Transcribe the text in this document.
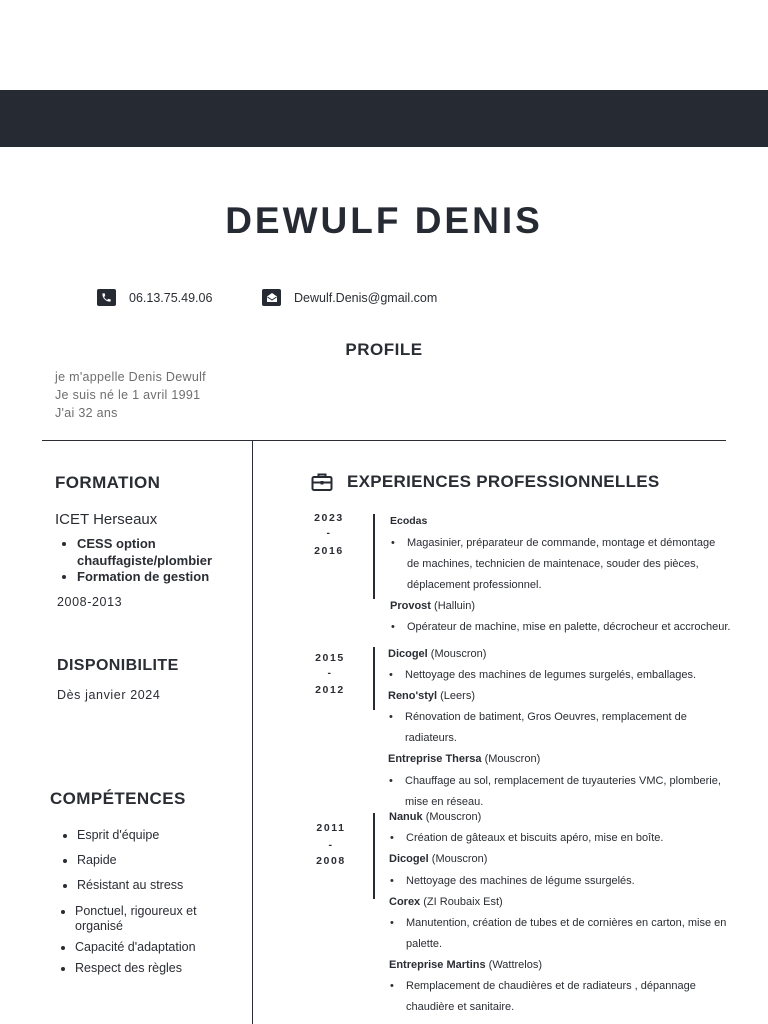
DEWULF DENIS
06.13.75.49.06	Dewulf.Denis@gmail.com
PROFILE
je m'appelle Denis Dewulf
Je suis né le 1 avril 1991
J'ai 32 ans
FORMATION
ICET Herseaux
• CESS option chauffagiste/plombier
• Formation de gestion
2008-2013
DISPONIBILITE
Dès janvier 2024
COMPÉTENCES
• Esprit d'équipe
• Rapide
• Résistant au stress
• Ponctuel, rigoureux et organisé
• Capacité d'adaptation
• Respect des règles
EXPERIENCES PROFESSIONNELLES
2023
-
2016
Ecodas
• Magasinier, préparateur de commande, montage et démontage
de machines, technicien de maintenace, souder des pièces,
déplacement professionnel.
Provost (Halluin)
• Opérateur de machine, mise en palette, décrocheur et accrocheur.
2015
-
2012
Dicogel (Mouscron)
• Nettoyage des machines de legumes surgelés, emballages.
Reno'styl (Leers)
• Rénovation de batiment, Gros Oeuvres, remplacement de
radiateurs.
Entreprise Thersa (Mouscron)
• Chauffage au sol, remplacement de tuyauteries VMC, plomberie,
mise en réseau.
2011
-
2008
Nanuk (Mouscron)
• Création de gâteaux et biscuits apéro, mise en boîte.
Dicogel (Mouscron)
• Nettoyage des machines de légume ssurgelés.
Corex (ZI Roubaix Est)
• Manutention, création de tubes et de cornières en carton, mise en
palette.
Entreprise Martins (Wattrelos)
• Remplacement de chaudières et de radiateurs , dépannage
chaudière et sanitaire.
